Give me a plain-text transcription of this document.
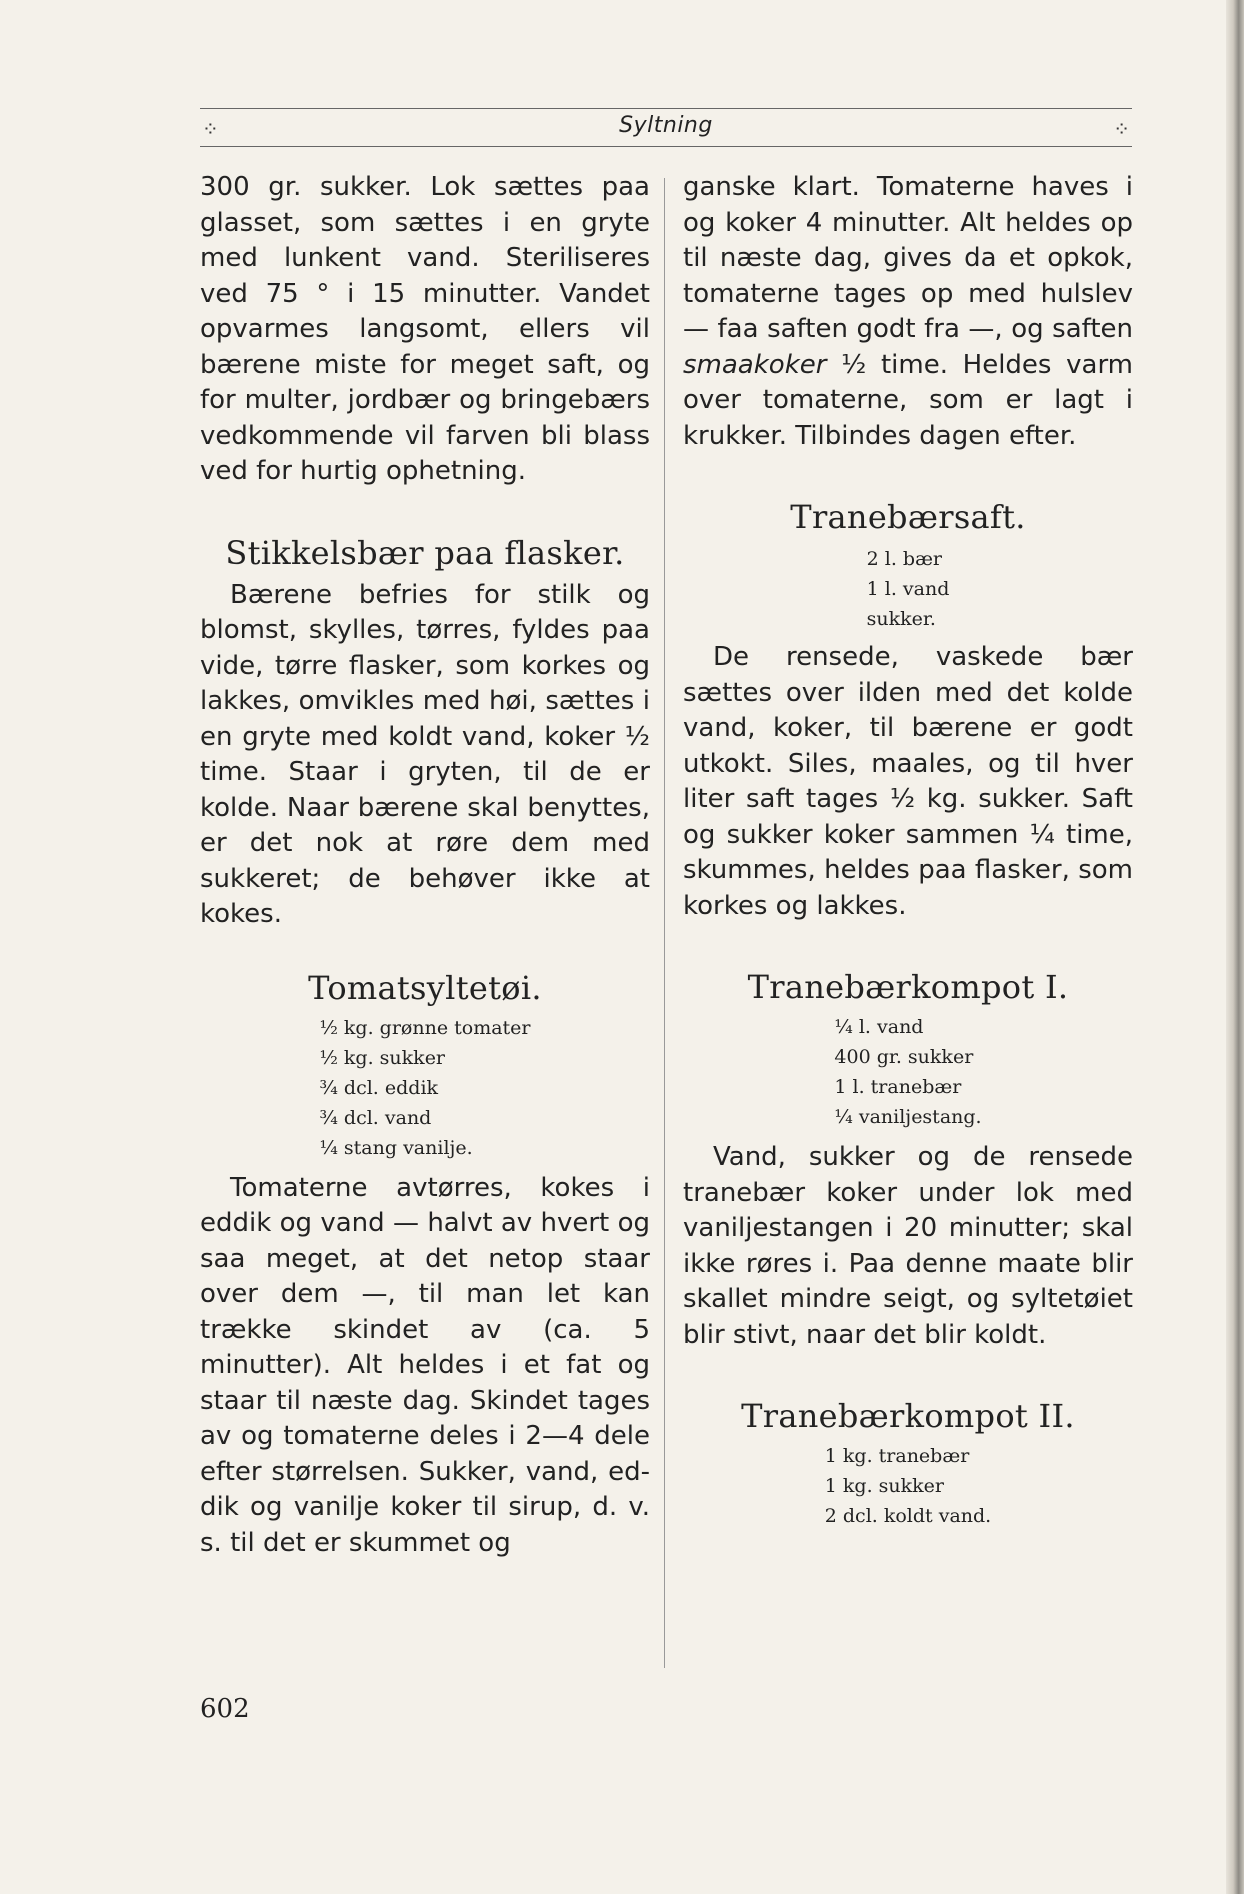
⁘	Syltning	⁘

300 gr. sukker. Lok sættes paa glasset, som sættes i en gryte med lunkent vand. Steriliseres ved 75 ° i 15 minutter. Vandet opvarmes langsomt, ellers vil bærene miste for meget saft, og for multer, jordbær og bringebærs vedkommende vil farven bli blass ved for hurtig ophetning.

Stikkelsbær paa flasker.

Bærene befries for stilk og blomst, skylles, tørres, fyldes paa vide, tørre flasker, som korkes og lakkes, omvikles med høi, sættes i en gryte med koldt vand, koker ½ time. Staar i gryten, til de er kolde. Naar bærene skal benyttes, er det nok at røre dem med sukkeret; de behøver ikke at kokes.

Tomatsyltetøi.

½ kg. grønne tomater

½ kg. sukker

¾ dcl. eddik

¾ dcl. vand

¼ stang vanilje.

Tomaterne avtørres, kokes i eddik og vand — halvt av hvert og saa meget, at det netop staar over dem —, til man let kan trække skindet av (ca. 5 minutter). Alt heldes i et fat og staar til næste dag. Skindet tages av og tomaterne deles i 2—4 dele efter størrelsen. Sukker, vand, eddik og vanilje koker til sirup, d. v. s. til det er skummet og

ganske klart. Tomaterne haves i og koker 4 minutter. Alt heldes op til næste dag, gives da et opkok, tomaterne tages op med hulslev — faa saften godt fra —, og saften smaakoker ½ time. Heldes varm over tomaterne, som er lagt i krukker. Tilbindes dagen efter.

Tranebærsaft.

2 l. bær

1 l. vand

sukker.

De rensede, vaskede bær sættes over ilden med det kolde vand, koker, til bærene er godt utkokt. Siles, maales, og til hver liter saft tages ½ kg. sukker. Saft og sukker koker sammen ¼ time, skummes, heldes paa flasker, som korkes og lakkes.

Tranebærkompot I.

¼ l. vand

400 gr. sukker

1 l. tranebær

¼ vaniljestang.

Vand, sukker og de rensede tranebær koker under lok med vaniljestangen i 20 minutter; skal ikke røres i. Paa denne maate blir skallet mindre seigt, og syltetøiet blir stivt, naar det blir koldt.

Tranebærkompot II.

1 kg. tranebær

1 kg. sukker

2 dcl. koldt vand.

602
